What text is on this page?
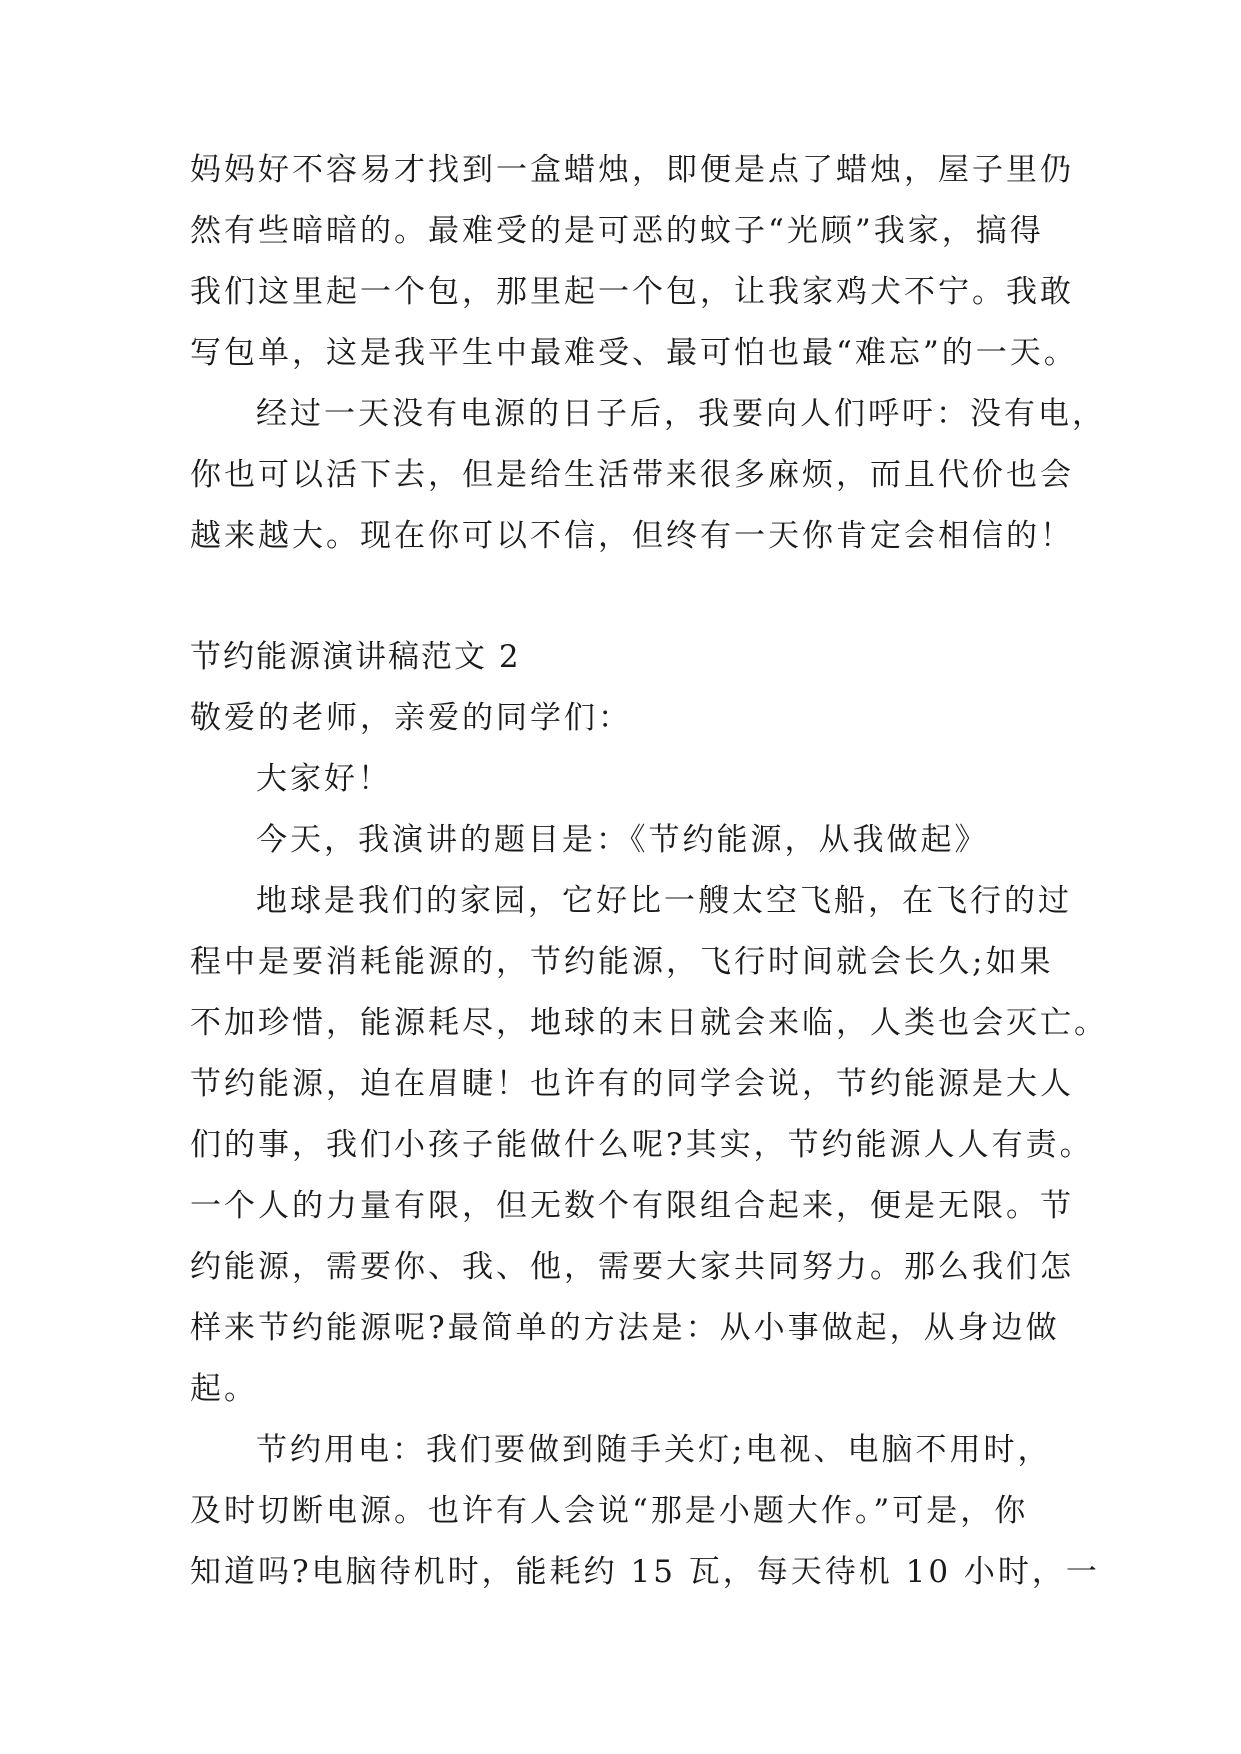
妈妈好不容易才找到一盒蜡烛，即便是点了蜡烛，屋子里仍
然有些暗暗的。最难受的是可恶的蚊子“光顾”我家，搞得
我们这里起一个包，那里起一个包，让我家鸡犬不宁。我敢
写包单，这是我平生中最难受、最可怕也最“难忘”的一天。
经过一天没有电源的日子后，我要向人们呼吁：没有电，
你也可以活下去，但是给生活带来很多麻烦，而且代价也会
越来越大。现在你可以不信，但终有一天你肯定会相信的！
节约能源演讲稿范文 2
敬爱的老师，亲爱的同学们：
大家好！
今天，我演讲的题目是：《节约能源，从我做起》
地球是我们的家园，它好比一艘太空飞船，在飞行的过
程中是要消耗能源的，节约能源，飞行时间就会长久;如果
不加珍惜，能源耗尽，地球的末日就会来临，人类也会灭亡。
节约能源，迫在眉睫！也许有的同学会说，节约能源是大人
们的事，我们小孩子能做什么呢?其实，节约能源人人有责。
一个人的力量有限，但无数个有限组合起来，便是无限。节
约能源，需要你、我、他，需要大家共同努力。那么我们怎
样来节约能源呢?最简单的方法是：从小事做起，从身边做
起。
节约用电：我们要做到随手关灯;电视、电脑不用时，
及时切断电源。也许有人会说“那是小题大作。”可是，你
知道吗?电脑待机时，能耗约 15 瓦，每天待机 10 小时，一
